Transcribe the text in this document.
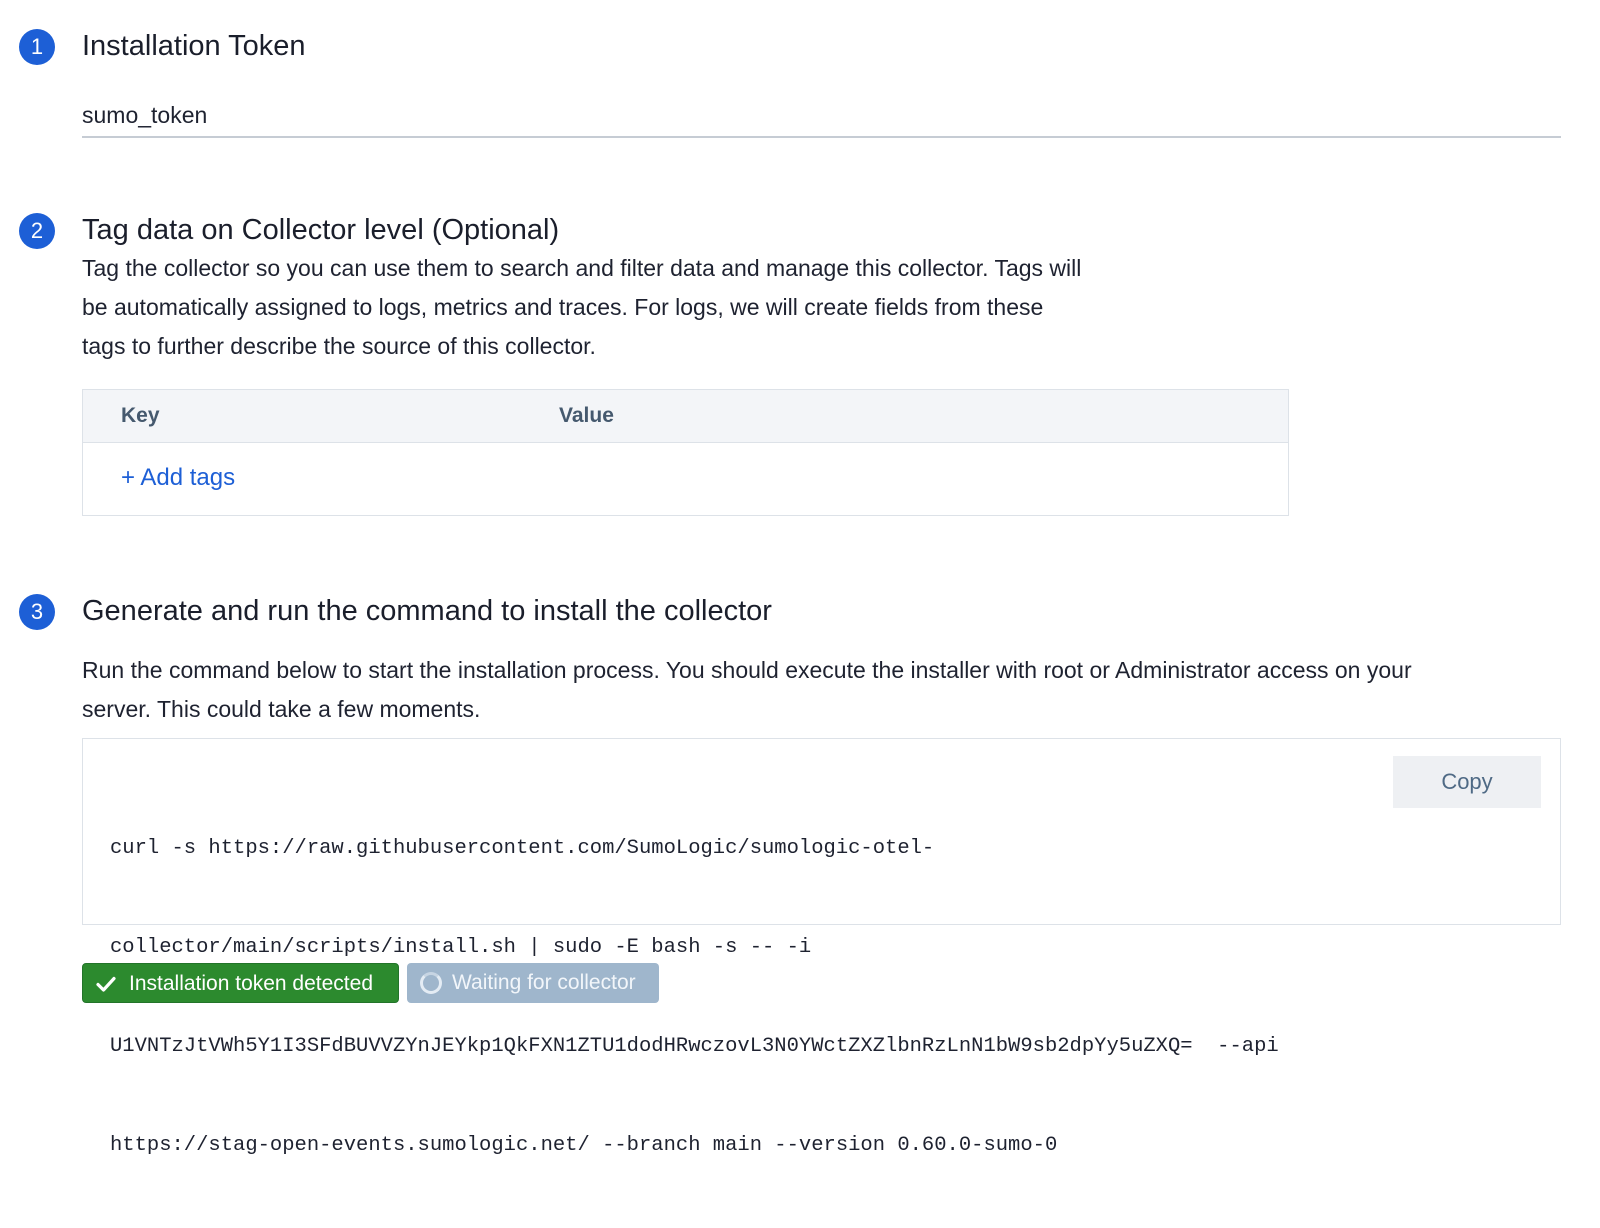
1	Installation Token
sumo_token
2	Tag data on Collector level (Optional)
Tag the collector so you can use them to search and filter data and manage this collector. Tags will
be automatically assigned to logs, metrics and traces. For logs, we will create fields from these
tags to further describe the source of this collector.
Key	Value
+ Add tags
3	Generate and run the command to install the collector
Run the command below to start the installation process. You should execute the installer with root or Administrator access on your
server. This could take a few moments.

curl -s https://raw.githubusercontent.com/SumoLogic/sumologic-otel-

collector/main/scripts/install.sh | sudo -E bash -s -- -i

U1VNTzJtVWh5Y1I3SFdBUVVZYnJEYkp1QkFXN1ZTU1dodHRwczovL3N0YWctZXZlbnRzLnN1bW9sb2dpYy5uZXQ=  --api

https://stag-open-events.sumologic.net/ --branch main --version 0.60.0-sumo-0

Copy
Installation token detected	Waiting for collector
